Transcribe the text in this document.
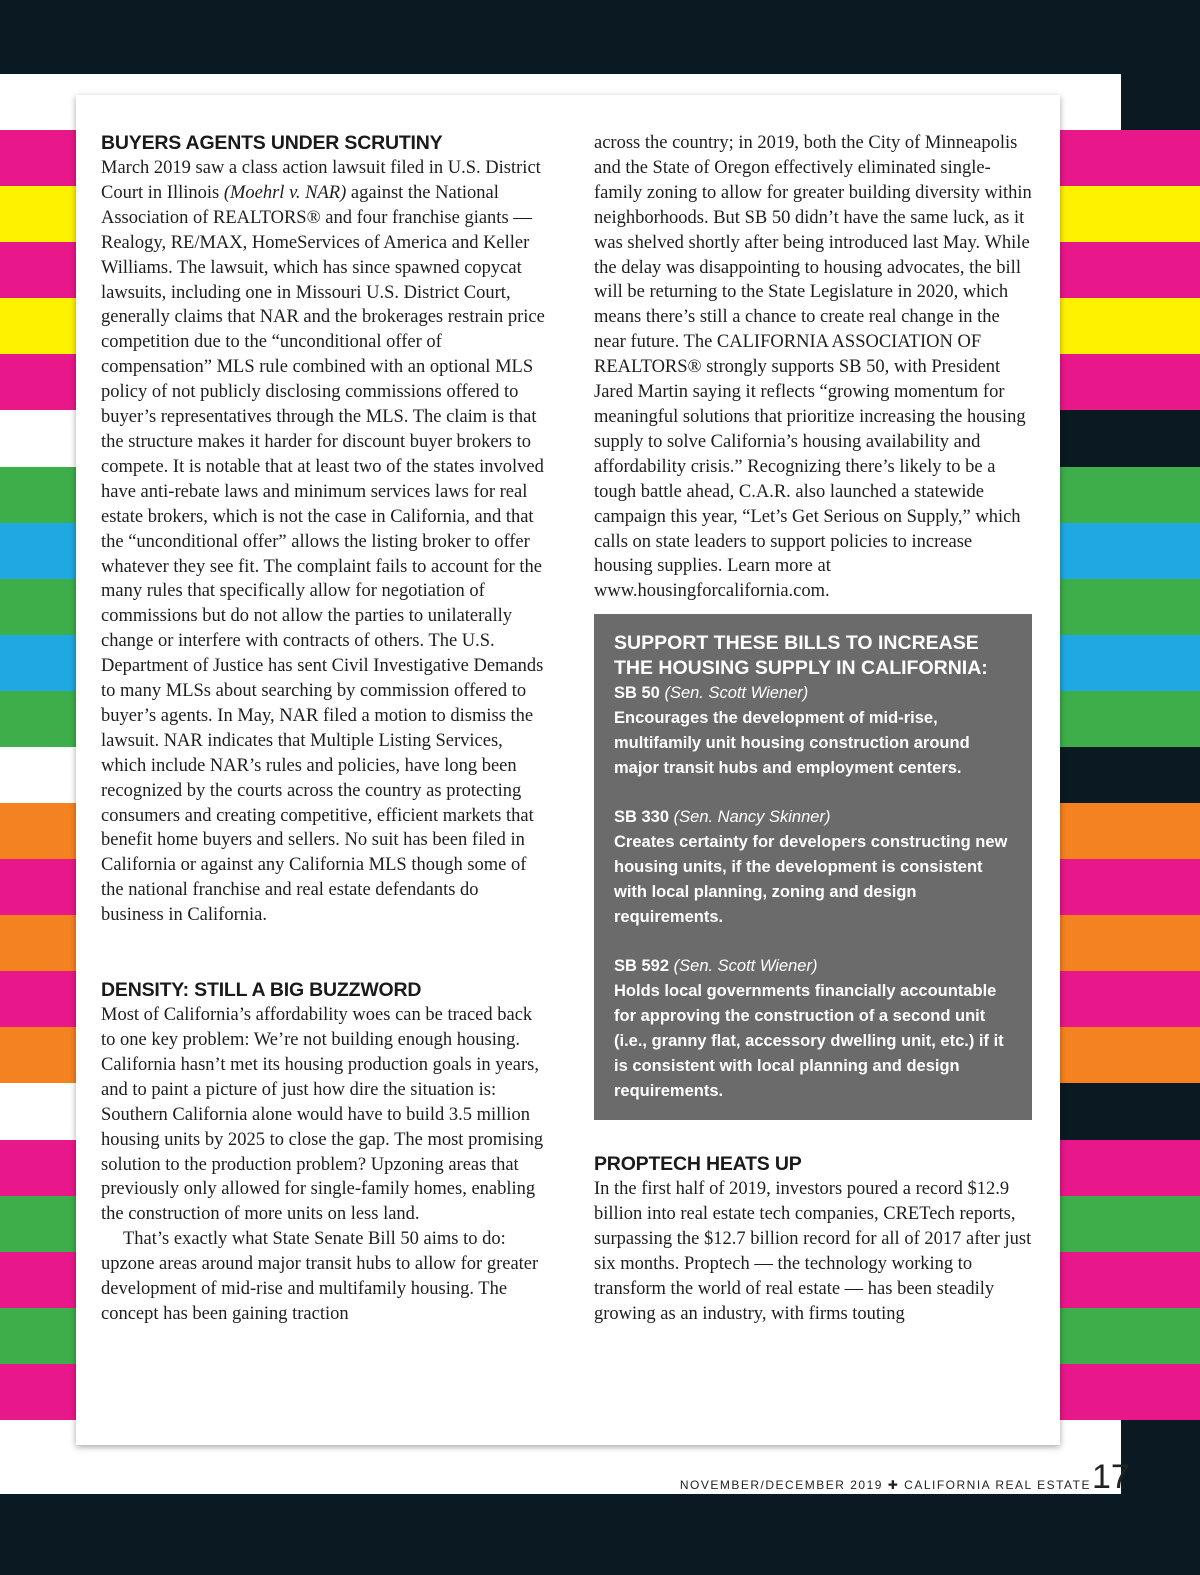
BUYERS AGENTS UNDER SCRUTINY

March 2019 saw a class action lawsuit filed in U.S. District Court in Illinois (Moehrl v. NAR) against the National Association of REALTORS® and four franchise giants — Realogy, RE/MAX, HomeServices of America and Keller Williams. The lawsuit, which has since spawned copycat lawsuits, including one in Missouri U.S. District Court, generally claims that NAR and the brokerages restrain price competition due to the “unconditional offer of compensation” MLS rule combined with an optional MLS policy of not publicly disclosing commissions offered to buyer’s representatives through the MLS. The claim is that the structure makes it harder for discount buyer brokers to compete. It is notable that at least two of the states involved have anti-rebate laws and minimum services laws for real estate brokers, which is not the case in California, and that the “unconditional offer” allows the listing broker to offer whatever they see fit. The complaint fails to account for the many rules that specifically allow for negotiation of commissions but do not allow the parties to unilaterally change or interfere with contracts of others. The U.S. Department of Justice has sent Civil Investigative Demands to many MLSs about searching by commission offered to buyer’s agents. In May, NAR filed a motion to dismiss the lawsuit. NAR indicates that Multiple Listing Services, which include NAR’s rules and policies, have long been recognized by the courts across the country as protecting consumers and creating competitive, efficient markets that benefit home buyers and sellers. No suit has been filed in California or against any California MLS though some of the national franchise and real estate defendants do business in California.

DENSITY: STILL A BIG BUZZWORD

Most of California’s affordability woes can be traced back to one key problem: We’re not building enough housing. California hasn’t met its housing production goals in years, and to paint a picture of just how dire the situation is: Southern California alone would have to build 3.5 million housing units by 2025 to close the gap. The most promising solution to the production problem? Upzoning areas that previously only allowed for single-family homes, enabling the construction of more units on less land.

That’s exactly what State Senate Bill 50 aims to do: upzone areas around major transit hubs to allow for greater development of mid-rise and multifamily housing. The concept has been gaining traction

across the country; in 2019, both the City of Minneapolis and the State of Oregon effectively eliminated single-family zoning to allow for greater building diversity within neighborhoods. But SB 50 didn’t have the same luck, as it was shelved shortly after being introduced last May. While the delay was disappointing to housing advocates, the bill will be returning to the State Legislature in 2020, which means there’s still a chance to create real change in the near future. The CALIFORNIA ASSOCIATION OF REALTORS® strongly supports SB 50, with President Jared Martin saying it reflects “growing momentum for meaningful solutions that prioritize increasing the housing supply to solve California’s housing availability and affordability crisis.” Recognizing there’s likely to be a tough battle ahead, C.A.R. also launched a statewide campaign this year, “Let’s Get Serious on Supply,” which calls on state leaders to support policies to increase housing supplies. Learn more at www.housingforcalifornia.com.

SUPPORT THESE BILLS TO INCREASE THE HOUSING SUPPLY IN CALIFORNIA:
SB 50 (Sen. Scott Wiener)
Encourages the development of mid-rise, multifamily unit housing construction around major transit hubs and employment centers.
SB 330 (Sen. Nancy Skinner)
Creates certainty for developers constructing new housing units, if the development is consistent with local planning, zoning and design requirements.
SB 592 (Sen. Scott Wiener)
Holds local governments financially accountable for approving the construction of a second unit (i.e., granny flat, accessory dwelling unit, etc.) if it is consistent with local planning and design requirements.
PROPTECH HEATS UP

In the first half of 2019, investors poured a record $12.9 billion into real estate tech companies, CRETech reports, surpassing the $12.7 billion record for all of 2017 after just six months. Proptech — the technology working to transform the world of real estate — has been steadily growing as an industry, with firms touting

NOVEMBER/DECEMBER 2019 ✚ CALIFORNIA REAL ESTATE 17
